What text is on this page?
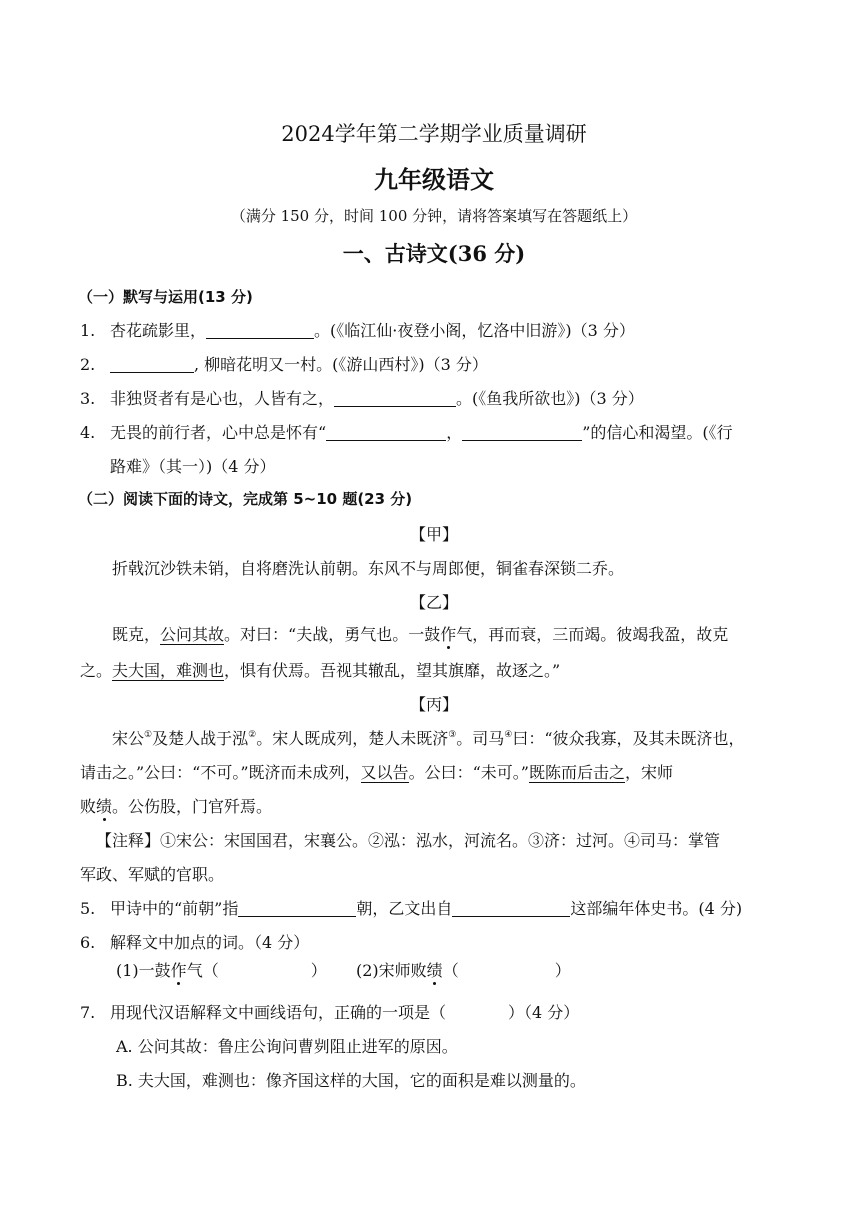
2024学年第二学期学业质量调研
九年级语文
（满分 150 分，时间 100 分钟，请将答案填写在答题纸上）
一、古诗文(36 分)
（一）默写与运用(13 分)
1. 杏花疏影里，	。(《临江仙·夜登小阁，忆洛中旧游》)（3 分）
2.	, 柳暗花明又一村。(《游山西村》)（3 分）
3. 非独贤者有是心也，人皆有之，	。(《鱼我所欲也》)（3 分）
4. 无畏的前行者，心中总是怀有“	，	”的信心和渴望。(《行
路难》（其一）)（4 分）
（二）阅读下面的诗文，完成第 5~10 题(23 分)
【甲】
折戟沉沙铁未销，自将磨洗认前朝。东风不与周郎便，铜雀春深锁二乔。
【乙】
既克，公问其故。对曰：“夫战，勇气也。一鼓作气，再而衰，三而竭。彼竭我盈，故克
之。夫大国，难测也，惧有伏焉。吾视其辙乱，望其旗靡，故逐之。”
【丙】
宋公①及楚人战于泓②。宋人既成列，楚人未既济③。司马④曰：“彼众我寡，及其未既济也，
请击之。”公曰：“不可。”既济而未成列，又以告。公曰：“未可。”既陈而后击之，宋师
败绩。公伤股，门官歼焉。
【注释】①宋公：宋国国君，宋襄公。②泓：泓水，河流名。③济：过河。④司马：掌管
军政、军赋的官职。
5. 甲诗中的“前朝”指	朝，乙文出自	这部编年体史书。(4 分)
6. 解释文中加点的词。（4 分）
(1)一鼓作气（	） (2)宋师败绩（	）
7. 用现代汉语解释文中画线语句，正确的一项是（	）（4 分）
A. 公问其故：鲁庄公询问曹刿阻止进军的原因。
B. 夫大国，难测也：像齐国这样的大国，它的面积是难以测量的。
